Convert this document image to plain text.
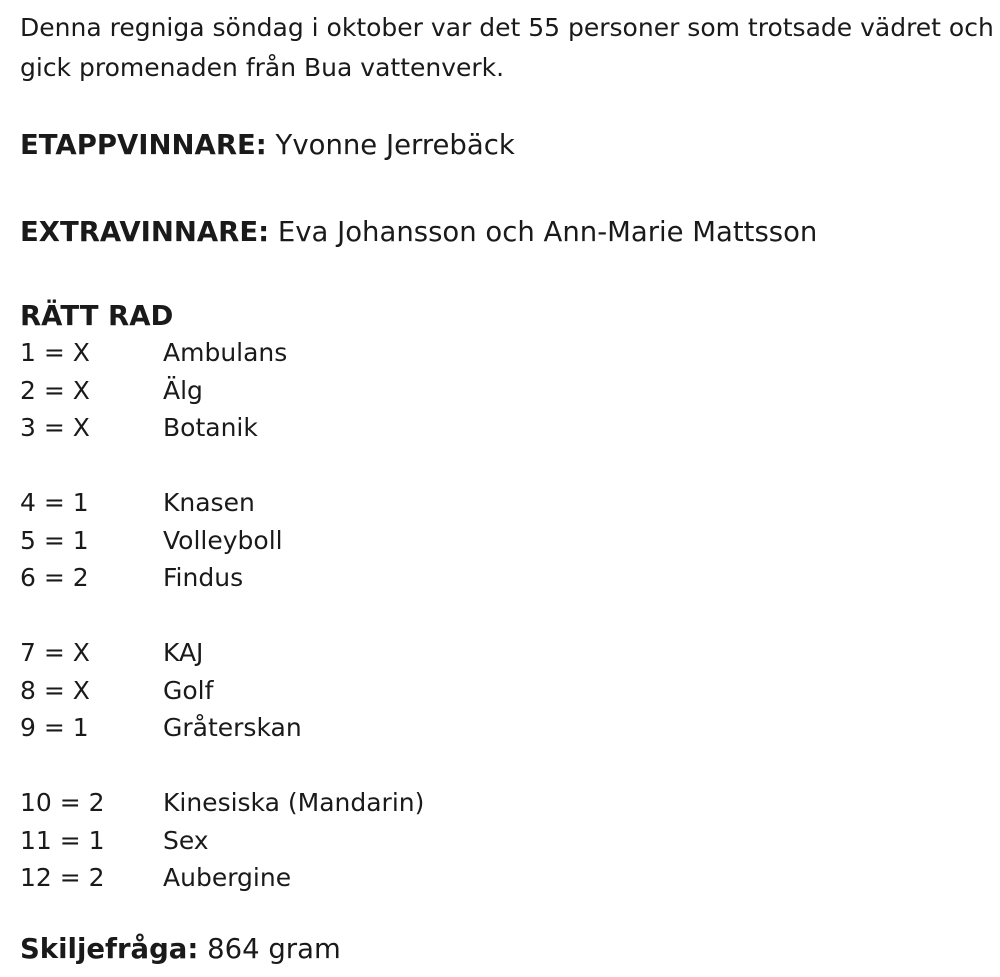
Denna regniga söndag i oktober var det 55 personer som trotsade vädret och
gick promenaden från Bua vattenverk.

ETAPPVINNARE: Yvonne Jerrebäck

EXTRAVINNARE: Eva Johansson och Ann-Marie Mattsson

RÄTT RAD

1 = X	Ambulans
2 = X	Älg
3 = X	Botanik
4 = 1	Knasen
5 = 1	Volleyboll
6 = 2	Findus
7 = X	KAJ
8 = X	Golf
9 = 1	Gråterskan
10 = 2	Kinesiska (Mandarin)
11 = 1	Sex
12 = 2	Aubergine

Skiljefråga: 864 gram
